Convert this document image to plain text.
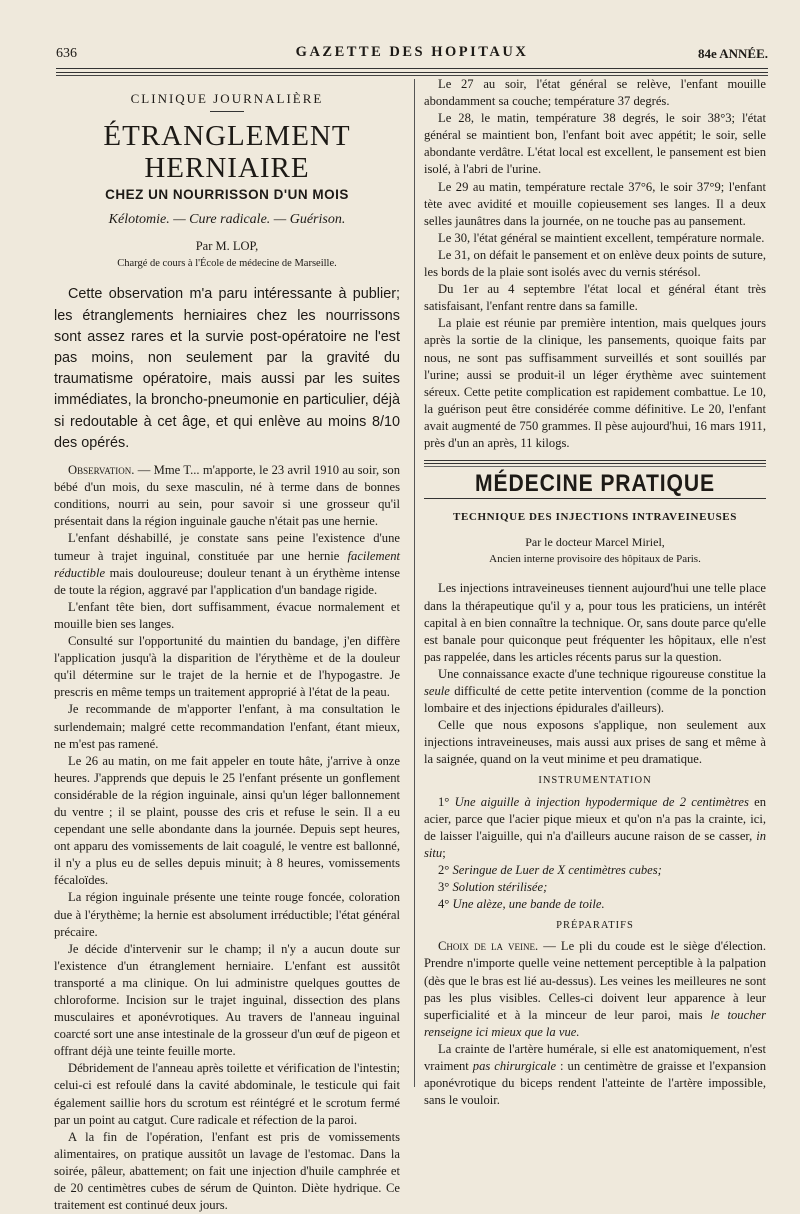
636	GAZETTE DES HOPITAUX	84e ANNÉE.
CLINIQUE JOURNALIÈRE
ÉTRANGLEMENT HERNIAIRE
CHEZ UN NOURRISSON D'UN MOIS
Kélotomie. — Cure radicale. — Guérison.
Par M. LOP,
Chargé de cours à l'École de médecine de Marseille.
Cette observation m'a paru intéressante à publier; les étranglements herniaires chez les nourrissons sont assez rares et la survie post-opératoire ne l'est pas moins, non seulement par la gravité du traumatisme opératoire, mais aussi par les suites immédiates, la broncho-pneumonie en particulier, déjà si redoutable à cet âge, et qui enlève au moins 8/10 des opérés.

Observation. — Mme T... m'apporte, le 23 avril 1910 au soir, son bébé d'un mois, du sexe masculin, né à terme dans de bonnes conditions, nourri au sein, pour savoir si une grosseur qu'il présentait dans la région inguinale gauche n'était pas une hernie.

L'enfant déshabillé, je constate sans peine l'existence d'une tumeur à trajet inguinal, constituée par une hernie facilement réductible mais douloureuse; douleur tenant à un érythème intense de toute la région, aggravé par l'application d'un bandage rigide.

L'enfant tête bien, dort suffisamment, évacue normalement et mouille bien ses langes.

Consulté sur l'opportunité du maintien du bandage, j'en diffère l'application jusqu'à la disparition de l'érythème et de la douleur qu'il détermine sur le trajet de la hernie et de l'hypogastre. Je prescris en même temps un traitement approprié à l'état de la peau.

Je recommande de m'apporter l'enfant, à ma consultation le surlendemain; malgré cette recommandation l'enfant, étant mieux, ne m'est pas ramené.

Le 26 au matin, on me fait appeler en toute hâte, j'arrive à onze heures. J'apprends que depuis le 25 l'enfant présente un gonflement considérable de la région inguinale, ainsi qu'un léger ballonnement du ventre ; il se plaint, pousse des cris et refuse le sein. Il a eu cependant une selle abondante dans la journée. Depuis sept heures, ont apparu des vomissements de lait coagulé, le ventre est ballonné, il n'y a plus eu de selles depuis minuit; à 8 heures, vomissements fécaloïdes.

La région inguinale présente une teinte rouge foncée, coloration due à l'érythème; la hernie est absolument irréductible; l'état général précaire.

Je décide d'intervenir sur le champ; il n'y a aucun doute sur l'existence d'un étranglement herniaire. L'enfant est aussitôt transporté a ma clinique. On lui administre quelques gouttes de chloroforme. Incision sur le trajet inguinal, dissection des plans musculaires et aponévrotiques. Au travers de l'anneau inguinal coarcté sort une anse intestinale de la grosseur d'un œuf de pigeon et offrant déjà une teinte feuille morte.

Débridement de l'anneau après toilette et vérification de l'intestin; celui-ci est refoulé dans la cavité abdominale, le testicule qui fait également saillie hors du scrotum est réintégré et le scrotum fermé par un point au catgut. Cure radicale et réfection de la paroi.

A la fin de l'opération, l'enfant est pris de vomissements alimentaires, on pratique aussitôt un lavage de l'estomac. Dans la soirée, pâleur, abattement; on fait une injection d'huile camphrée et de 20 centimètres cubes de sérum de Quinton. Diète hydrique. Ce traitement est continué deux jours.

Le 27 au soir, l'état général se relève, l'enfant mouille abondamment sa couche; température 37 degrés.

Le 28, le matin, température 38 degrés, le soir 38°3; l'état général se maintient bon, l'enfant boit avec appétit; le soir, selle abondante verdâtre. L'état local est excellent, le pansement est bien isolé, à l'abri de l'urine.

Le 29 au matin, température rectale 37°6, le soir 37°9; l'enfant tète avec avidité et mouille copieusement ses langes. Il a deux selles jaunâtres dans la journée, on ne touche pas au pansement.

Le 30, l'état général se maintient excellent, température normale.

Le 31, on défait le pansement et on enlève deux points de suture, les bords de la plaie sont isolés avec du vernis stérésol.

Du 1er au 4 septembre l'état local et général étant très satisfaisant, l'enfant rentre dans sa famille.

La plaie est réunie par première intention, mais quelques jours après la sortie de la clinique, les pansements, quoique faits par nous, ne sont pas suffisamment surveillés et sont souillés par l'urine; aussi se produit-il un léger érythème avec suintement séreux. Cette petite complication est rapidement combattue. Le 10, la guérison peut être considérée comme définitive. Le 20, l'enfant avait augmenté de 750 grammes. Il pèse aujourd'hui, 16 mars 1911, près d'un an après, 11 kilogs.

MÉDECINE PRATIQUE
TECHNIQUE DES INJECTIONS INTRAVEINEUSES
Par le docteur Marcel Miriel,
Ancien interne provisoire des hôpitaux de Paris.

Les injections intraveineuses tiennent aujourd'hui une telle place dans la thérapeutique qu'il y a, pour tous les praticiens, un intérêt capital à en bien connaître la technique. Or, sans doute parce qu'elle est banale pour quiconque peut fréquenter les hôpitaux, elle n'est pas rappelée, dans les articles récents parus sur la question.

Une connaissance exacte d'une technique rigoureuse constitue la seule difficulté de cette petite intervention (comme de la ponction lombaire et des injections épidurales d'ailleurs).

Celle que nous exposons s'applique, non seulement aux injections intraveineuses, mais aussi aux prises de sang et même à la saignée, quand on la veut minime et peu dramatique.

INSTRUMENTATION

1° Une aiguille à injection hypodermique de 2 centimètres en acier, parce que l'acier pique mieux et qu'on n'a pas la crainte, ici, de laisser l'aiguille, qui n'a d'ailleurs aucune raison de se casser, in situ;

2° Seringue de Luer de X centimètres cubes;

3° Solution stérilisée;

4° Une alèze, une bande de toile.

PRÉPARATIFS

Choix de la veine. — Le pli du coude est le siège d'élection. Prendre n'importe quelle veine nettement perceptible à la palpation (dès que le bras est lié au-dessus). Les veines les meilleures ne sont pas les plus visibles. Celles-ci doivent leur apparence à leur superficialité et à la minceur de leur paroi, mais le toucher renseigne ici mieux que la vue.

La crainte de l'artère humérale, si elle est anatomiquement, n'est vraiment pas chirurgicale : un centimètre de graisse et l'expansion aponévrotique du biceps rendent l'atteinte de l'artère impossible, sans le vouloir.
